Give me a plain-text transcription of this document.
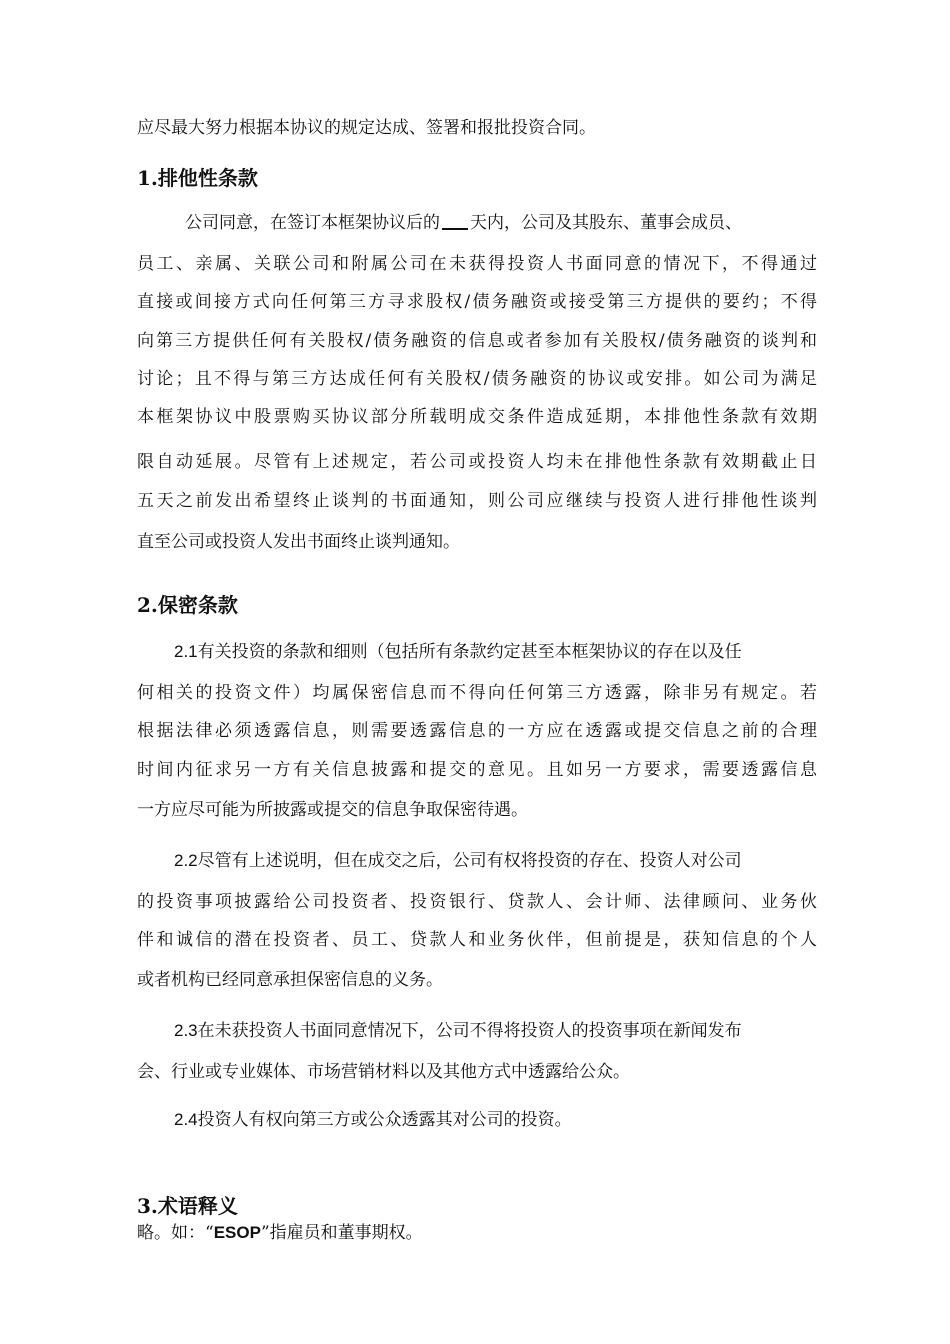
应尽最大努力根据本协议的规定达成、签署和报批投资合同。
1.排他性条款
公司同意，在签订本框架协议后的 天内，公司及其股东、董事会成员、
员工、亲属、关联公司和附属公司在未获得投资人书面同意的情况下，不得通过
直接或间接方式向任何第三方寻求股权/债务融资或接受第三方提供的要约；不得
向第三方提供任何有关股权/债务融资的信息或者参加有关股权/债务融资的谈判和
讨论；且不得与第三方达成任何有关股权/债务融资的协议或安排。如公司为满足
本框架协议中股票购买协议部分所载明成交条件造成延期，本排他性条款有效期
限自动延展。尽管有上述规定，若公司或投资人均未在排他性条款有效期截止日
五天之前发出希望终止谈判的书面通知，则公司应继续与投资人进行排他性谈判
直至公司或投资人发出书面终止谈判通知。
2.保密条款
2.1有关投资的条款和细则（包括所有条款约定甚至本框架协议的存在以及任
何相关的投资文件）均属保密信息而不得向任何第三方透露，除非另有规定。若
根据法律必须透露信息，则需要透露信息的一方应在透露或提交信息之前的合理
时间内征求另一方有关信息披露和提交的意见。且如另一方要求，需要透露信息
一方应尽可能为所披露或提交的信息争取保密待遇。
2.2尽管有上述说明，但在成交之后，公司有权将投资的存在、投资人对公司
的投资事项披露给公司投资者、投资银行、贷款人、会计师、法律顾问、业务伙
伴和诚信的潜在投资者、员工、贷款人和业务伙伴，但前提是，获知信息的个人
或者机构已经同意承担保密信息的义务。
2.3在未获投资人书面同意情况下，公司不得将投资人的投资事项在新闻发布
会、行业或专业媒体、市场营销材料以及其他方式中透露给公众。
2.4投资人有权向第三方或公众透露其对公司的投资。
3.术语释义
略。如：“ESOP”指雇员和董事期权。
